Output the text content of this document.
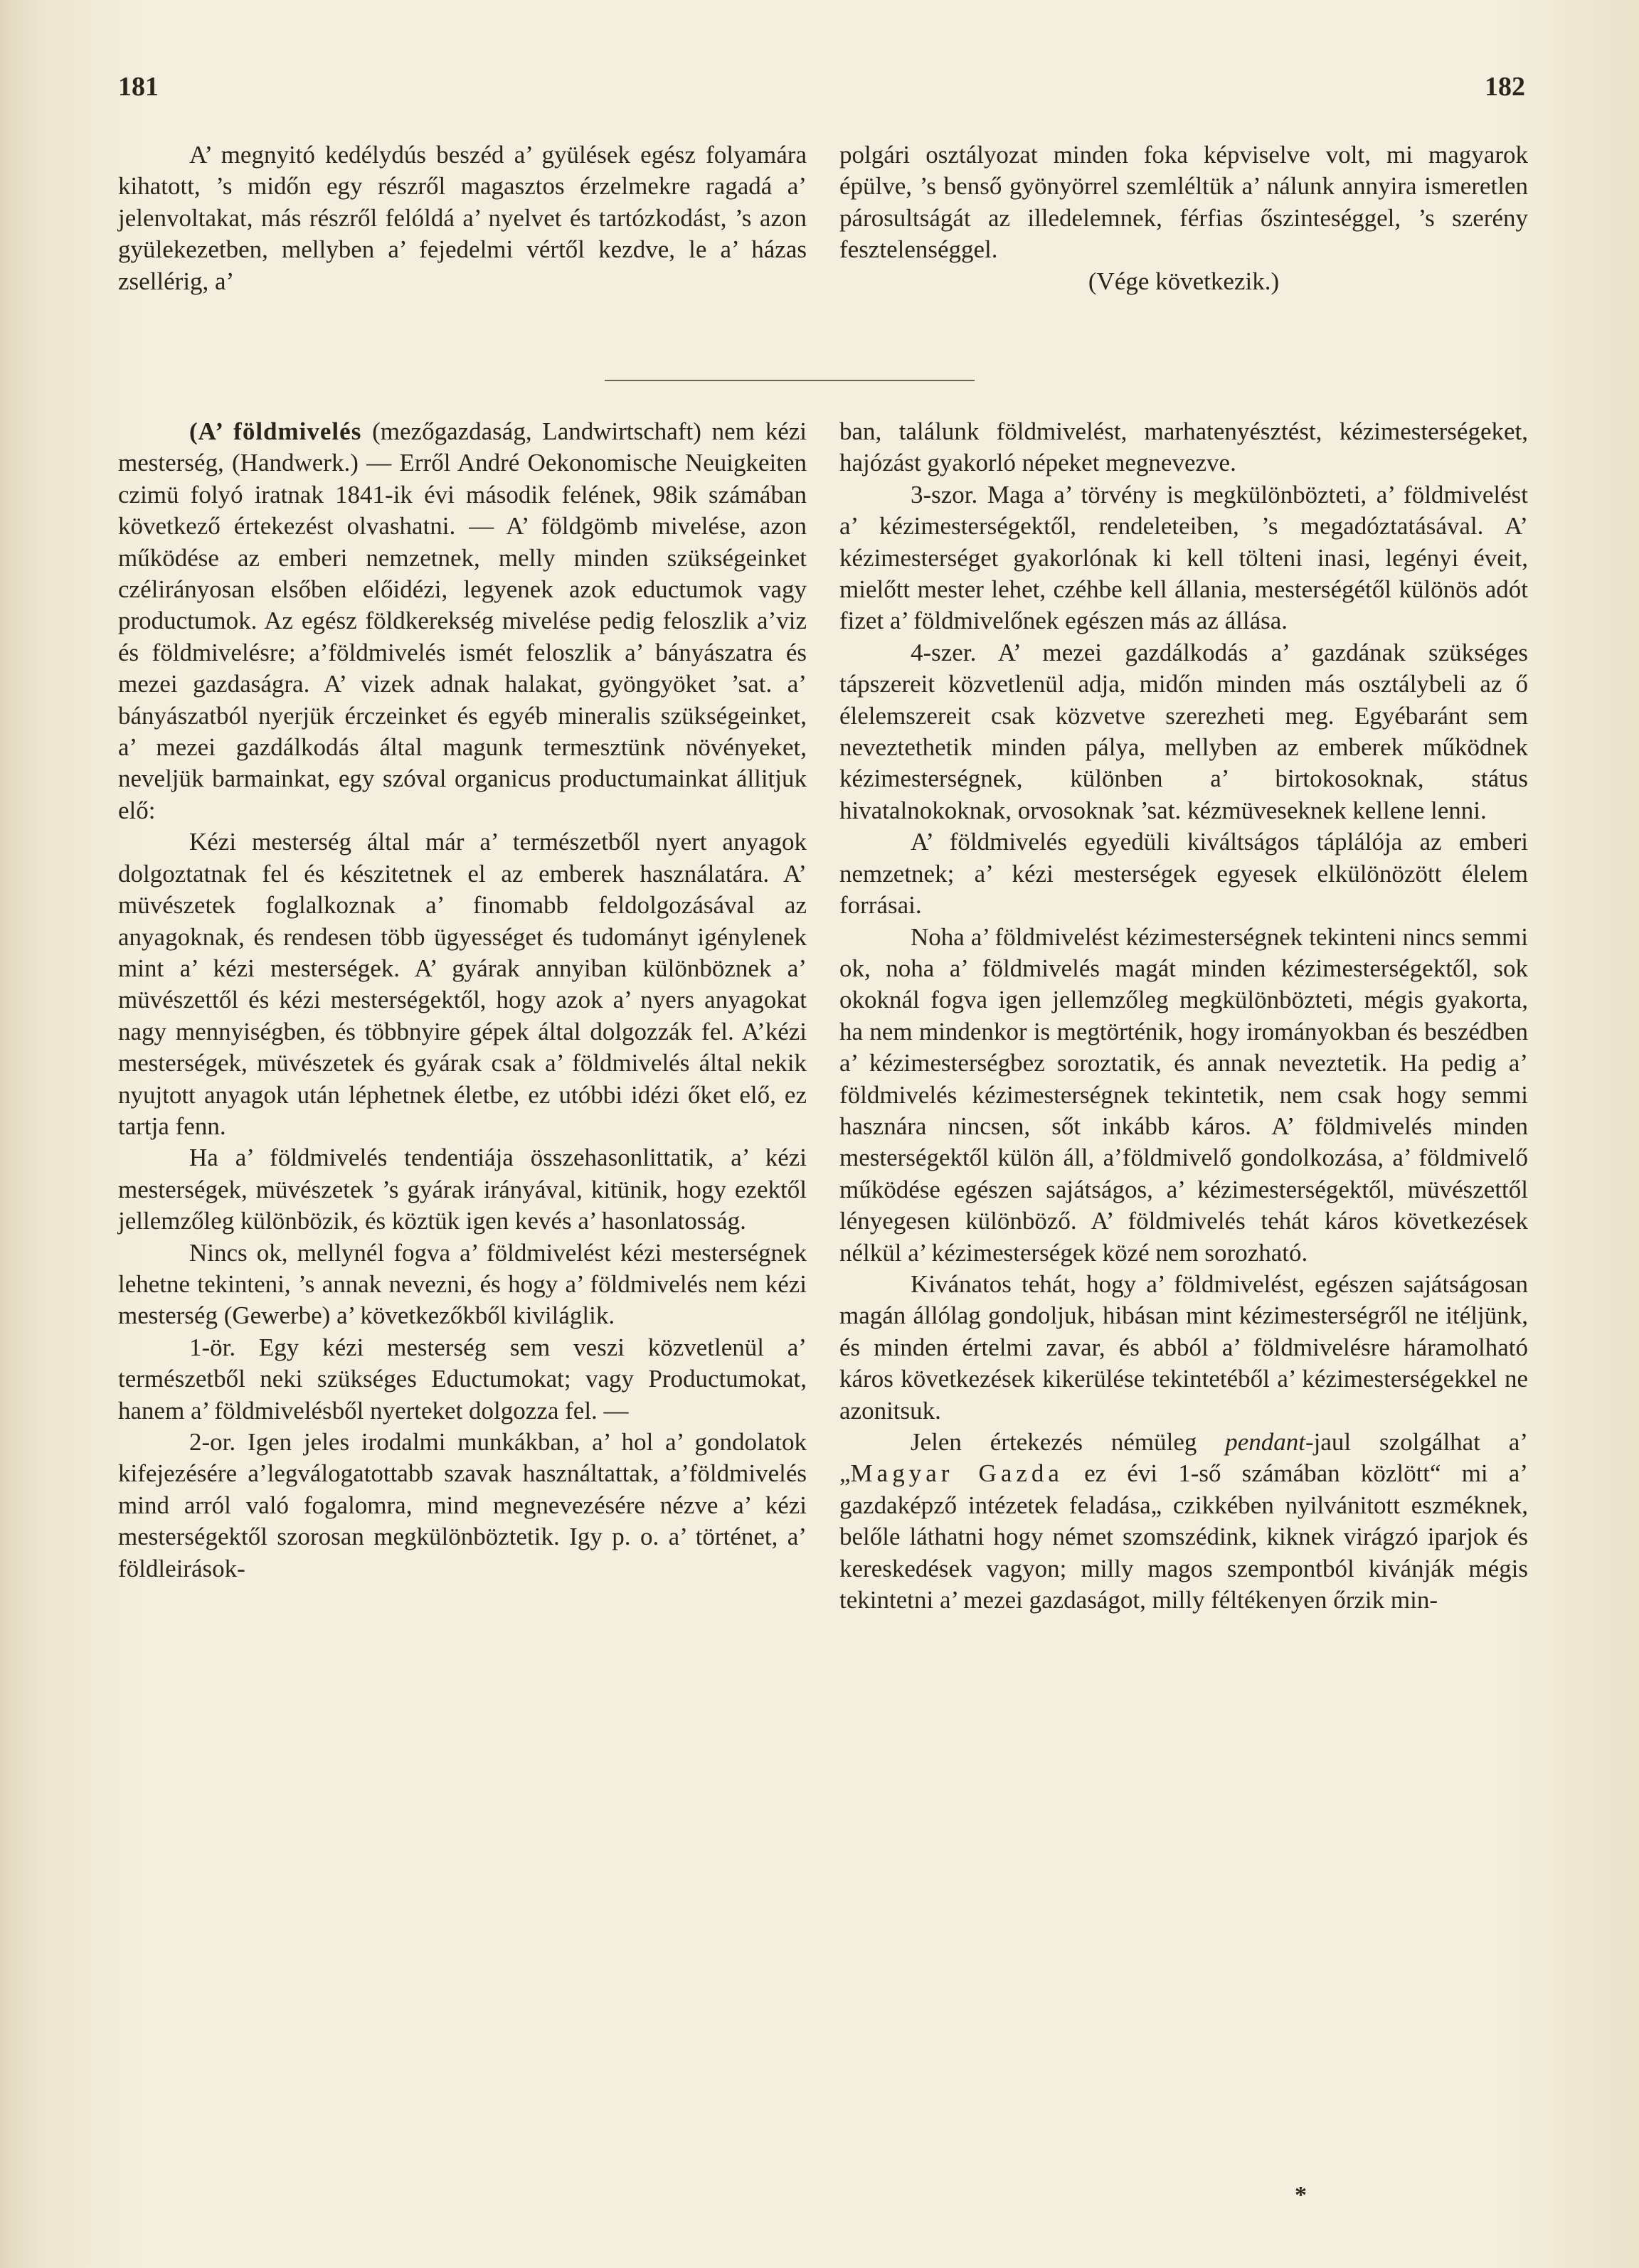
181	182

A’ megnyitó kedélydús beszéd a’ gyülések egész folyamára kihatott, ’s midőn egy részről magasztos érzelmekre ragadá a’ jelenvoltakat, más részről felóldá a’ nyelvet és tartózkodást, ’s azon gyülekezetben, mellyben a’ fejedelmi vértől kezdve, le a’ házas zsellérig, a’

polgári osztályozat minden foka képviselve volt, mi magyarok épülve, ’s benső gyönyörrel szemléltük a’ nálunk annyira ismeretlen párosultságát az illedelemnek, férfias őszinteséggel, ’s szerény fesztelenséggel.

(Vége következik.)

(A’ földmivelés (mezőgazdaság, Landwirtschaft) nem kézi mesterség, (Handwerk.) — Erről André Oekonomische Neuigkeiten czimü folyó iratnak 1841-ik évi második felének, 98ik számában következő értekezést olvashatni. — A’ földgömb mivelése, azon működése az emberi nemzetnek, melly minden szükségeinket czélirányosan elsőben előidézi, legyenek azok eductumok vagy productumok. Az egész földkerekség mivelése pedig feloszlik a’viz és földmivelésre; a’földmivelés ismét feloszlik a’ bányászatra és mezei gazdaságra. A’ vizek adnak halakat, gyöngyöket ’sat. a’ bányászatból nyerjük érczeinket és egyéb mineralis szükségeinket, a’ mezei gazdálkodás által magunk termesztünk növényeket, neveljük barmainkat, egy szóval organicus productumainkat állitjuk elő:

Kézi mesterség által már a’ természetből nyert anyagok dolgoztatnak fel és készitetnek el az emberek használatára. A’ müvészetek foglalkoznak a’ finomabb feldolgozásával az anyagoknak, és rendesen több ügyességet és tudományt igénylenek mint a’ kézi mesterségek. A’ gyárak annyiban különböznek a’ müvészettől és kézi mesterségektől, hogy azok a’ nyers anyagokat nagy mennyiségben, és többnyire gépek által dolgozzák fel. A’kézi mesterségek, müvészetek és gyárak csak a’ földmivelés által nekik nyujtott anyagok után léphetnek életbe, ez utóbbi idézi őket elő, ez tartja fenn.

Ha a’ földmivelés tendentiája összehasonlittatik, a’ kézi mesterségek, müvészetek ’s gyárak irányával, kitünik, hogy ezektől jellemzőleg különbözik, és köztük igen kevés a’ hasonlatosság.

Nincs ok, mellynél fogva a’ földmivelést kézi mesterségnek lehetne tekinteni, ’s annak nevezni, és hogy a’ földmivelés nem kézi mesterség (Gewerbe) a’ következőkből kiviláglik.

1-ör. Egy kézi mesterség sem veszi közvetlenül a’ természetből neki szükséges Eductumokat; vagy Productumokat, hanem a’ földmivelésből nyerteket dolgozza fel. —

2-or. Igen jeles irodalmi munkákban, a’ hol a’ gondolatok kifejezésére a’legválogatottabb szavak használtattak, a’földmivelés mind arról való fogalomra, mind megnevezésére nézve a’ kézi mesterségektől szorosan megkülönböztetik. Igy p. o. a’ történet, a’ földleirások-

ban, találunk földmivelést, marhatenyésztést, kézimesterségeket, hajózást gyakorló népeket megnevezve.

3-szor. Maga a’ törvény is megkülönbözteti, a’ földmivelést a’ kézimesterségektől, rendeleteiben, ’s megadóztatásával. A’ kézimesterséget gyakorlónak ki kell tölteni inasi, legényi éveit, mielőtt mester lehet, czéhbe kell állania, mesterségétől különös adót fizet a’ földmivelőnek egészen más az állása.

4-szer. A’ mezei gazdálkodás a’ gazdának szükséges tápszereit közvetlenül adja, midőn minden más osztálybeli az ő élelemszereit csak közvetve szerezheti meg. Egyébaránt sem neveztethetik minden pálya, mellyben az emberek működnek kézimesterségnek, különben a’ birtokosoknak, státus hivatalnokoknak, orvosoknak ’sat. kézmüveseknek kellene lenni.

A’ földmivelés egyedüli kiváltságos táplálója az emberi nemzetnek; a’ kézi mesterségek egyesek elkülönözött élelem forrásai.

Noha a’ földmivelést kézimesterségnek tekinteni nincs semmi ok, noha a’ földmivelés magát minden kézimesterségektől, sok okoknál fogva igen jellemzőleg megkülönbözteti, mégis gyakorta, ha nem mindenkor is megtörténik, hogy irományokban és beszédben a’ kézimesterségbez soroztatik, és annak neveztetik. Ha pedig a’ földmivelés kézimesterségnek tekintetik, nem csak hogy semmi hasznára nincsen, sőt inkább káros. A’ földmivelés minden mesterségektől külön áll, a’földmivelő gondolkozása, a’ földmivelő működése egészen sajátságos, a’ kézimesterségektől, müvészettől lényegesen különböző. A’ földmivelés tehát káros következések nélkül a’ kézimesterségek közé nem sorozható.

Kivánatos tehát, hogy a’ földmivelést, egészen sajátságosan magán állólag gondoljuk, hibásan mint kézimesterségről ne itéljünk, és minden értelmi zavar, és abból a’ földmivelésre háramolható káros következések kikerülése tekintetéből a’ kézimesterségekkel ne azonitsuk.

Jelen értekezés némüleg pendant-jaul szolgálhat a’ „Magyar Gazda ez évi 1-ső számában közlött“ mi a’ gazdaképző intézetek feladása„ czikkében nyilvánitott eszméknek, belőle láthatni hogy német szomszédink, kiknek virágzó iparjok és kereskedések vagyon; milly magos szempontból kivánják mégis tekintetni a’ mezei gazdaságot, milly féltékenyen őrzik min-

*
